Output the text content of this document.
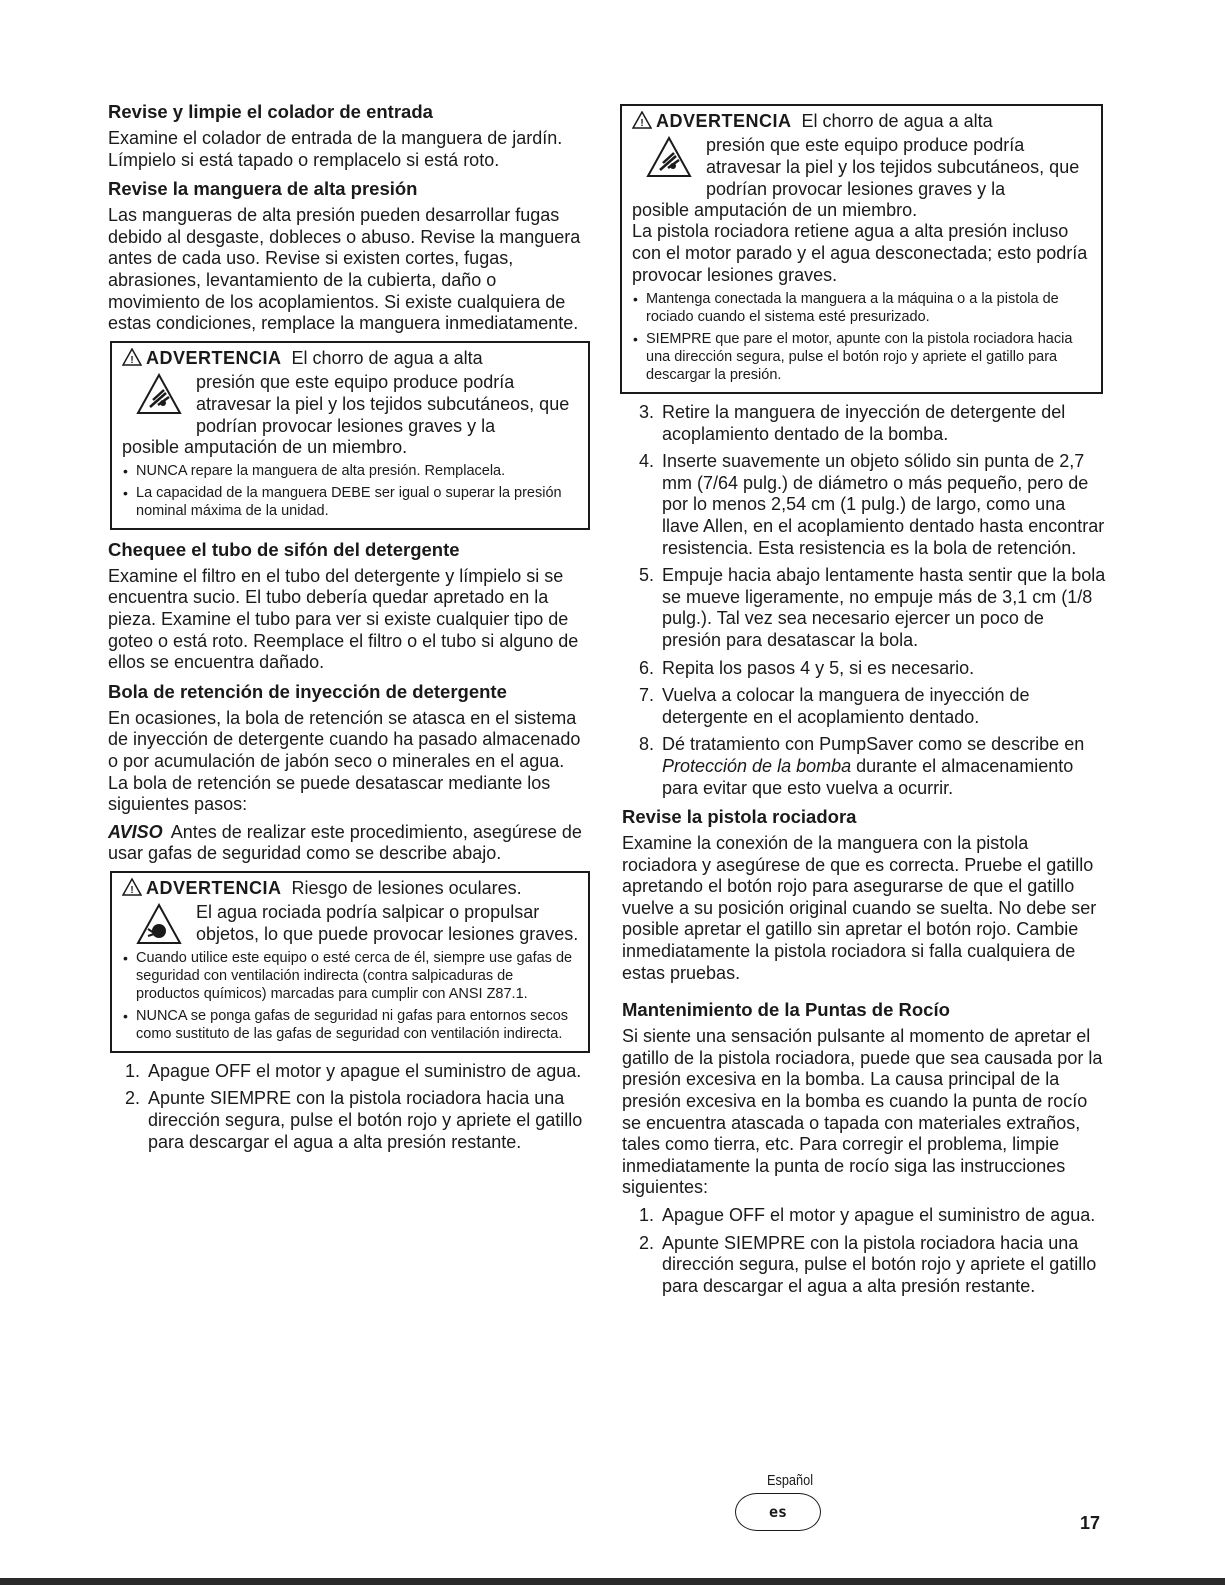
Revise y limpie el colador de entrada

Examine el colador de entrada de la manguera de jardín. Límpielo si está tapado o remplacelo si está roto.

Revise la manguera de alta presión

Las mangueras de alta presión pueden desarrollar fugas debido al desgaste, dobleces o abuso. Revise la manguera antes de cada uso. Revise si existen cortes, fugas, abrasiones, levantamiento de la cubierta, daño o movimiento de los acoplamientos. Si existe cualquiera de estas condiciones, remplace la manguera inmediatamente.

! ADVERTENCIA El chorro de agua a alta
presión que este equipo produce podría atravesar la piel y los tejidos subcutáneos, que podrían provocar lesiones graves y la
posible amputación de un miembro.
• NUNCA repare la manguera de alta presión. Remplacela.
• La capacidad de la manguera DEBE ser igual o superar la presión nominal máxima de la unidad.
Chequee el tubo de sifón del detergente

Examine el filtro en el tubo del detergente y límpielo si se encuentra sucio. El tubo debería quedar apretado en la pieza. Examine el tubo para ver si existe cualquier tipo de goteo o está roto. Reemplace el filtro o el tubo si alguno de ellos se encuentra dañado.

Bola de retención de inyección de detergente

En ocasiones, la bola de retención se atasca en el sistema de inyección de detergente cuando ha pasado almacenado o por acumulación de jabón seco o minerales en el agua. La bola de retención se puede desatascar mediante los siguientes pasos:

AVISO Antes de realizar este procedimiento, asegúrese de usar gafas de seguridad como se describe abajo.

! ADVERTENCIA Riesgo de lesiones oculares.
El agua rociada podría salpicar o propulsar objetos, lo que puede provocar lesiones graves.
• Cuando utilice este equipo o esté cerca de él, siempre use gafas de seguridad con ventilación indirecta (contra salpicaduras de productos químicos) marcadas para cumplir con ANSI Z87.1.
• NUNCA se ponga gafas de seguridad ni gafas para entornos secos como sustituto de las gafas de seguridad con ventilación indirecta.
1. Apague OFF el motor y apague el suministro de agua.
2. Apunte SIEMPRE con la pistola rociadora hacia una dirección segura, pulse el botón rojo y apriete el gatillo para descargar el agua a alta presión restante.
! ADVERTENCIA El chorro de agua a alta
presión que este equipo produce podría atravesar la piel y los tejidos subcutáneos, que podrían provocar lesiones graves y la
posible amputación de un miembro.
La pistola rociadora retiene agua a alta presión incluso con el motor parado y el agua desconectada; esto podría provocar lesiones graves.
• Mantenga conectada la manguera a la máquina o a la pistola de rociado cuando el sistema esté presurizado.
• SIEMPRE que pare el motor, apunte con la pistola rociadora hacia una dirección segura, pulse el botón rojo y apriete el gatillo para descargar la presión.
3. Retire la manguera de inyección de detergente del acoplamiento dentado de la bomba.
4. Inserte suavemente un objeto sólido sin punta de 2,7 mm (7/64 pulg.) de diámetro o más pequeño, pero de por lo menos 2,54 cm (1 pulg.) de largo, como una llave Allen, en el acoplamiento dentado hasta encontrar resistencia. Esta resistencia es la bola de retención.
5. Empuje hacia abajo lentamente hasta sentir que la bola se mueve ligeramente, no empuje más de 3,1 cm (1/8 pulg.). Tal vez sea necesario ejercer un poco de presión para desatascar la bola.
6. Repita los pasos 4 y 5, si es necesario.
7. Vuelva a colocar la manguera de inyección de detergente en el acoplamiento dentado.
8. Dé tratamiento con PumpSaver como se describe en Protección de la bomba durante el almacenamiento para evitar que esto vuelva a ocurrir.
Revise la pistola rociadora

Examine la conexión de la manguera con la pistola rociadora y asegúrese de que es correcta. Pruebe el gatillo apretando el botón rojo para asegurarse de que el gatillo vuelve a su posición original cuando se suelta. No debe ser posible apretar el gatillo sin apretar el botón rojo. Cambie inmediatamente la pistola rociadora si falla cualquiera de estas pruebas.

Mantenimiento de la Puntas de Rocío

Si siente una sensación pulsante al momento de apretar el gatillo de la pistola rociadora, puede que sea causada por la presión excesiva en la bomba. La causa principal de la presión excesiva en la bomba es cuando la punta de rocío se encuentra atascada o tapada con materiales extraños, tales como tierra, etc. Para corregir el problema, limpie inmediatamente la punta de rocío siga las instrucciones siguientes:

1. Apague OFF el motor y apague el suministro de agua.
2. Apunte SIEMPRE con la pistola rociadora hacia una dirección segura, pulse el botón rojo y apriete el gatillo para descargar el agua a alta presión restante.
Español
es
17
